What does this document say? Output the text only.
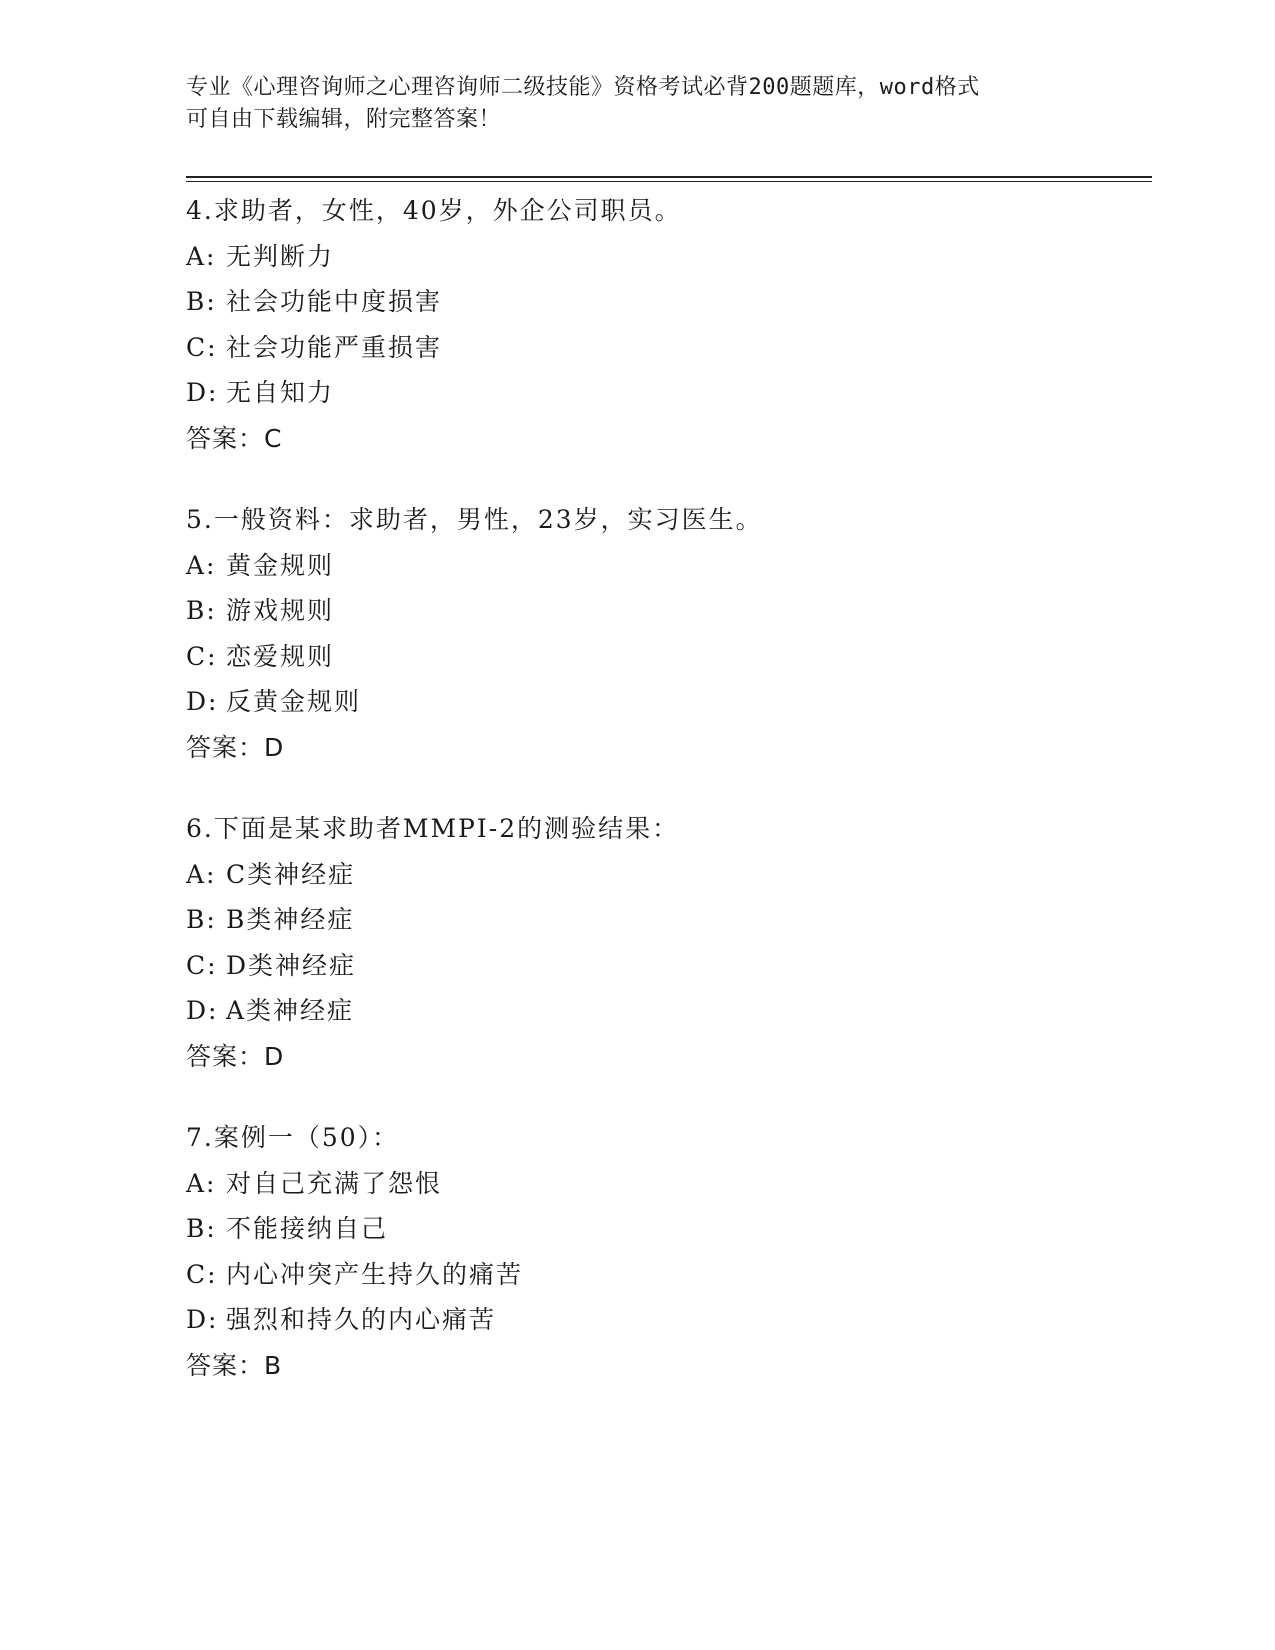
专业《心理咨询师之心理咨询师二级技能》资格考试必背200题题库，word格式
可自由下载编辑，附完整答案！
4.求助者，女性，40岁，外企公司职员。
A: 无判断力
B: 社会功能中度损害
C: 社会功能严重损害
D: 无自知力
答案：C
5.一般资料：求助者，男性，23岁，实习医生。
A: 黄金规则
B: 游戏规则
C: 恋爱规则
D: 反黄金规则
答案：D
6.下面是某求助者MMPI-2的测验结果：
A: C类神经症
B: B类神经症
C: D类神经症
D: A类神经症
答案：D
7.案例一（50）：
A: 对自己充满了怨恨
B: 不能接纳自己
C: 内心冲突产生持久的痛苦
D: 强烈和持久的内心痛苦
答案：B
